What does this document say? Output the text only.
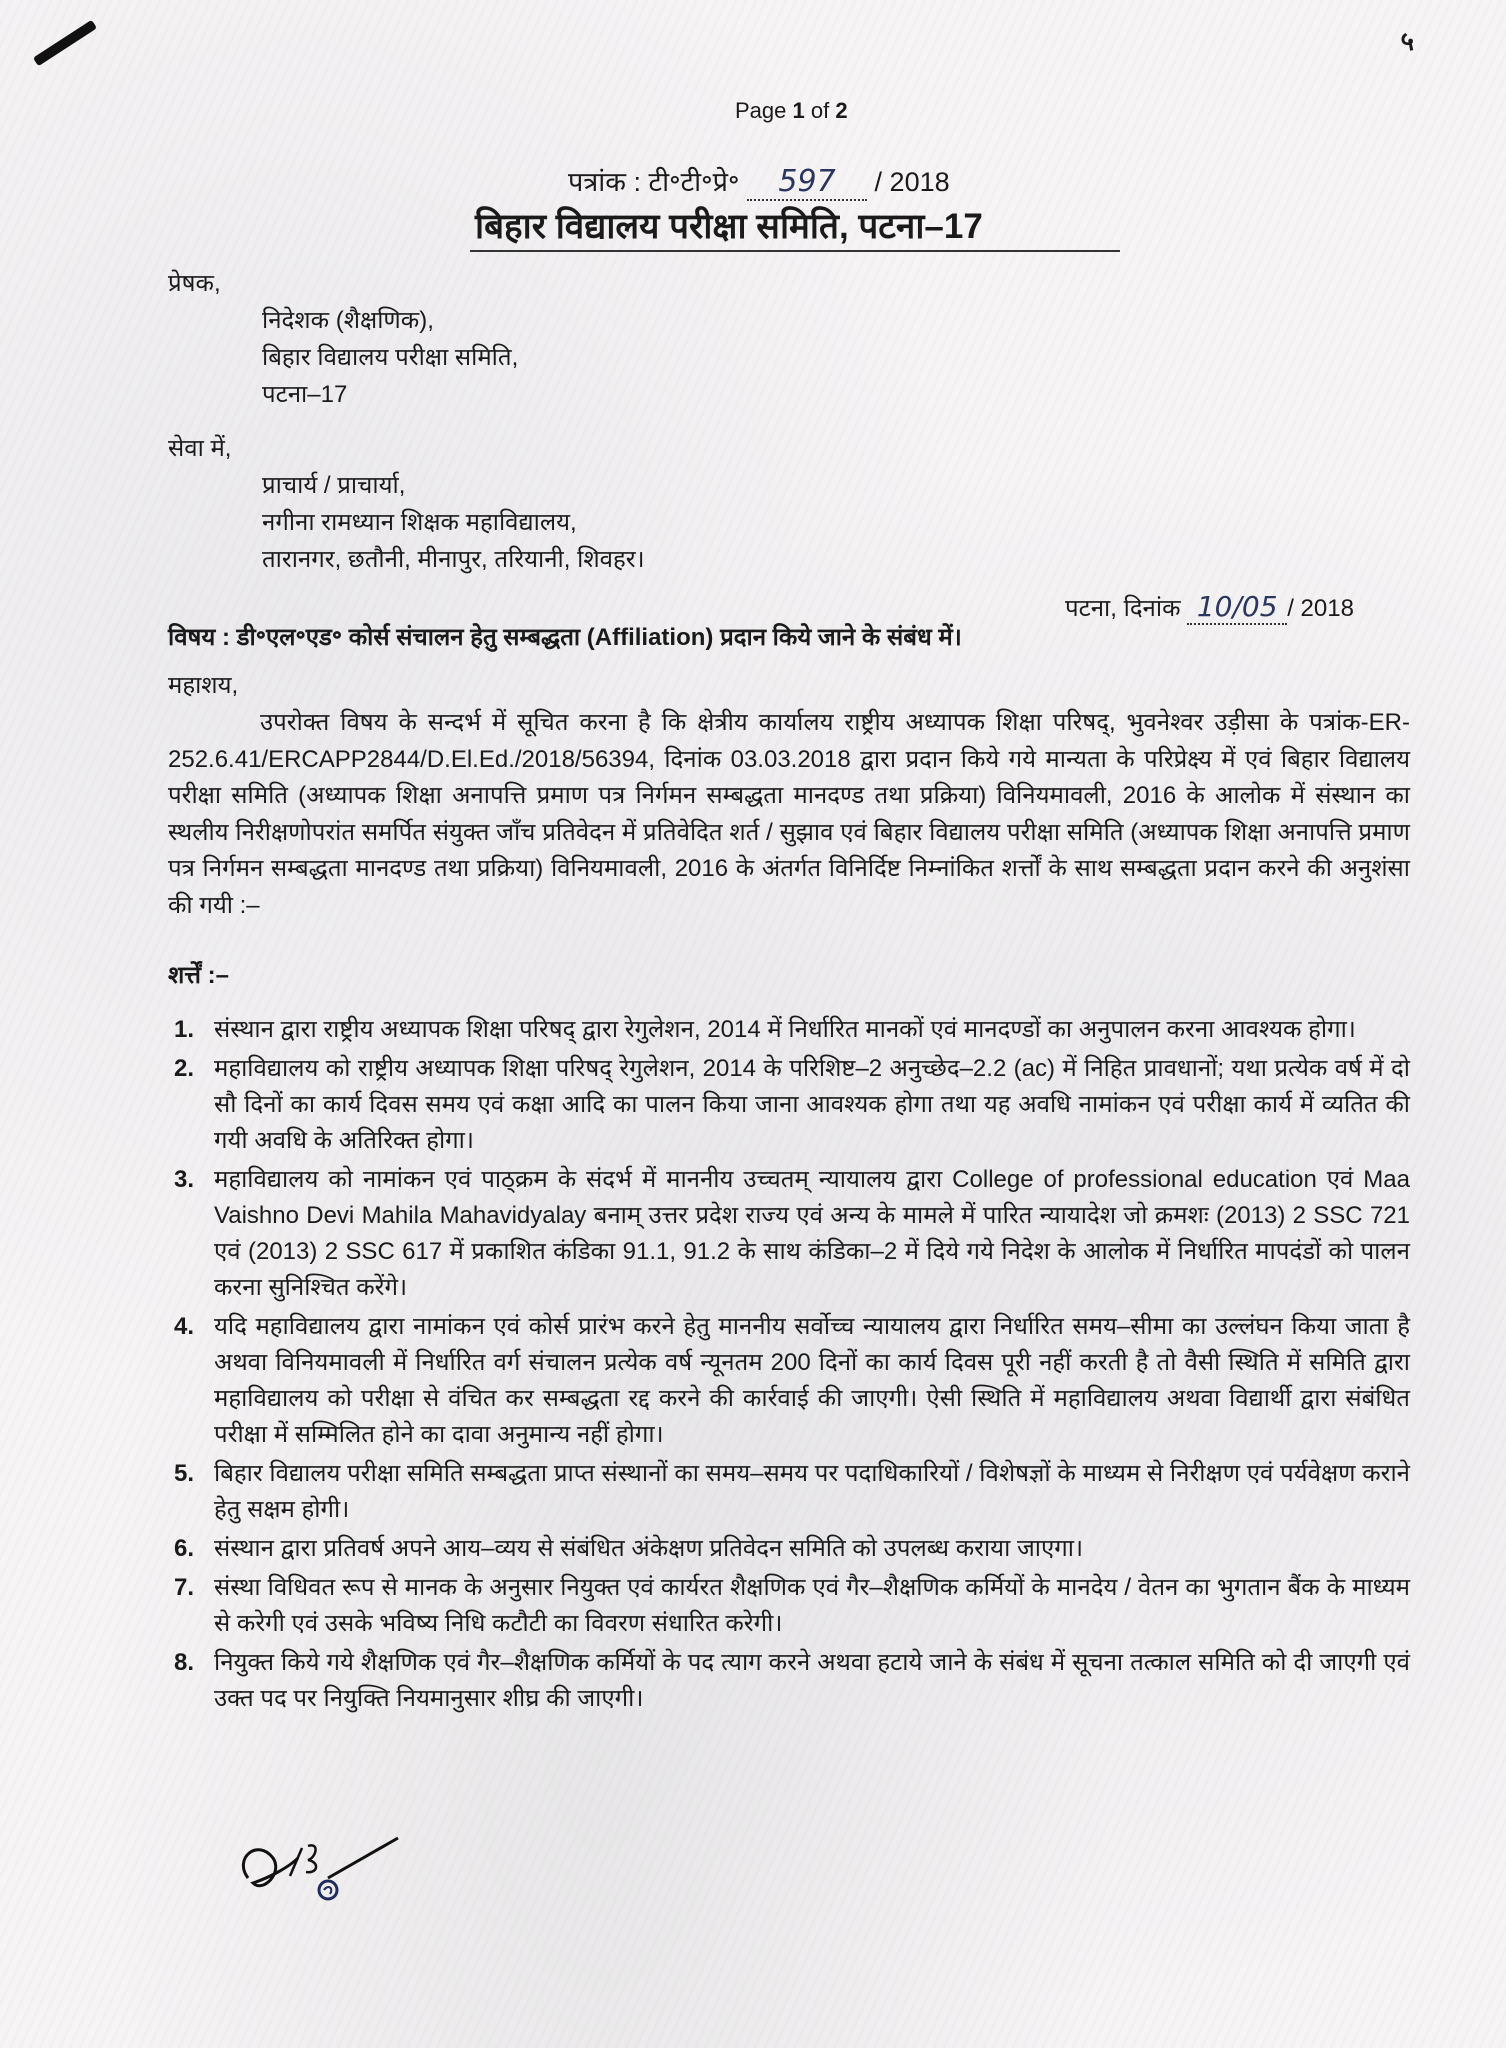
५
Page 1 of 2
पत्रांक : टी॰टी॰प्रे॰ 597 / 2018
बिहार विद्यालय परीक्षा समिति, पटना–17
प्रेषक,
निदेशक (शैक्षणिक),
बिहार विद्यालय परीक्षा समिति,
पटना–17
सेवा में,
प्राचार्य / प्राचार्या,
नगीना रामध्यान शिक्षक महाविद्यालय,
तारानगर, छतौनी, मीनापुर, तरियानी, शिवहर।
पटना, दिनांक 10/05 / 2018
विषय : डी॰एल॰एड॰ कोर्स संचालन हेतु सम्बद्धता (Affiliation) प्रदान किये जाने के संबंध में।
महाशय,
उपरोक्त विषय के सन्दर्भ में सूचित करना है कि क्षेत्रीय कार्यालय राष्ट्रीय अध्यापक शिक्षा परिषद्, भुवनेश्वर उड़ीसा के पत्रांक-ER-252.6.41/ERCAPP2844/D.El.Ed./2018/56394, दिनांक 03.03.2018 द्वारा प्रदान किये गये मान्यता के परिप्रेक्ष्य में एवं बिहार विद्यालय परीक्षा समिति (अध्यापक शिक्षा अनापत्ति प्रमाण पत्र निर्गमन सम्बद्धता मानदण्ड तथा प्रक्रिया) विनियमावली, 2016 के आलोक में संस्थान का स्थलीय निरीक्षणोपरांत समर्पित संयुक्त जाँच प्रतिवेदन में प्रतिवेदित शर्त / सुझाव एवं बिहार विद्यालय परीक्षा समिति (अध्यापक शिक्षा अनापत्ति प्रमाण पत्र निर्गमन सम्बद्धता मानदण्ड तथा प्रक्रिया) विनियमावली, 2016 के अंतर्गत विनिर्दिष्ट निम्नांकित शर्त्तों के साथ सम्बद्धता प्रदान करने की अनुशंसा की गयी :–
शर्त्तें :–
1. संस्थान द्वारा राष्ट्रीय अध्यापक शिक्षा परिषद् द्वारा रेगुलेशन, 2014 में निर्धारित मानकों एवं मानदण्डों का अनुपालन करना आवश्यक होगा।
2. महाविद्यालय को राष्ट्रीय अध्यापक शिक्षा परिषद् रेगुलेशन, 2014 के परिशिष्ट–2 अनुच्छेद–2.2 (ac) में निहित प्रावधानों; यथा प्रत्येक वर्ष में दो सौ दिनों का कार्य दिवस समय एवं कक्षा आदि का पालन किया जाना आवश्यक होगा तथा यह अवधि नामांकन एवं परीक्षा कार्य में व्यतित की गयी अवधि के अतिरिक्त होगा।
3. महाविद्यालय को नामांकन एवं पाठ्क्रम के संदर्भ में माननीय उच्चतम् न्यायालय द्वारा College of professional education एवं Maa Vaishno Devi Mahila Mahavidyalay बनाम् उत्तर प्रदेश राज्य एवं अन्य के मामले में पारित न्यायादेश जो क्रमशः (2013) 2 SSC 721 एवं (2013) 2 SSC 617 में प्रकाशित कंडिका 91.1, 91.2 के साथ कंडिका–2 में दिये गये निदेश के आलोक में निर्धारित मापदंडों को पालन करना सुनिश्चित करेंगे।
4. यदि महाविद्यालय द्वारा नामांकन एवं कोर्स प्रारंभ करने हेतु माननीय सर्वोच्च न्यायालय द्वारा निर्धारित समय–सीमा का उल्लंघन किया जाता है अथवा विनियमावली में निर्धारित वर्ग संचालन प्रत्येक वर्ष न्यूनतम 200 दिनों का कार्य दिवस पूरी नहीं करती है तो वैसी स्थिति में समिति द्वारा महाविद्यालय को परीक्षा से वंचित कर सम्बद्धता रद्द करने की कार्रवाई की जाएगी। ऐसी स्थिति में महाविद्यालय अथवा विद्यार्थी द्वारा संबंधित परीक्षा में सम्मिलित होने का दावा अनुमान्य नहीं होगा।
5. बिहार विद्यालय परीक्षा समिति सम्बद्धता प्राप्त संस्थानों का समय–समय पर पदाधिकारियों / विशेषज्ञों के माध्यम से निरीक्षण एवं पर्यवेक्षण कराने हेतु सक्षम होगी।
6. संस्थान द्वारा प्रतिवर्ष अपने आय–व्यय से संबंधित अंकेक्षण प्रतिवेदन समिति को उपलब्ध कराया जाएगा।
7. संस्था विधिवत रूप से मानक के अनुसार नियुक्त एवं कार्यरत शैक्षणिक एवं गैर–शैक्षणिक कर्मियों के मानदेय / वेतन का भुगतान बैंक के माध्यम से करेगी एवं उसके भविष्य निधि कटौटी का विवरण संधारित करेगी।
8. नियुक्त किये गये शैक्षणिक एवं गैर–शैक्षणिक कर्मियों के पद त्याग करने अथवा हटाये जाने के संबंध में सूचना तत्काल समिति को दी जाएगी एवं उक्त पद पर नियुक्ति नियमानुसार शीघ्र की जाएगी।
